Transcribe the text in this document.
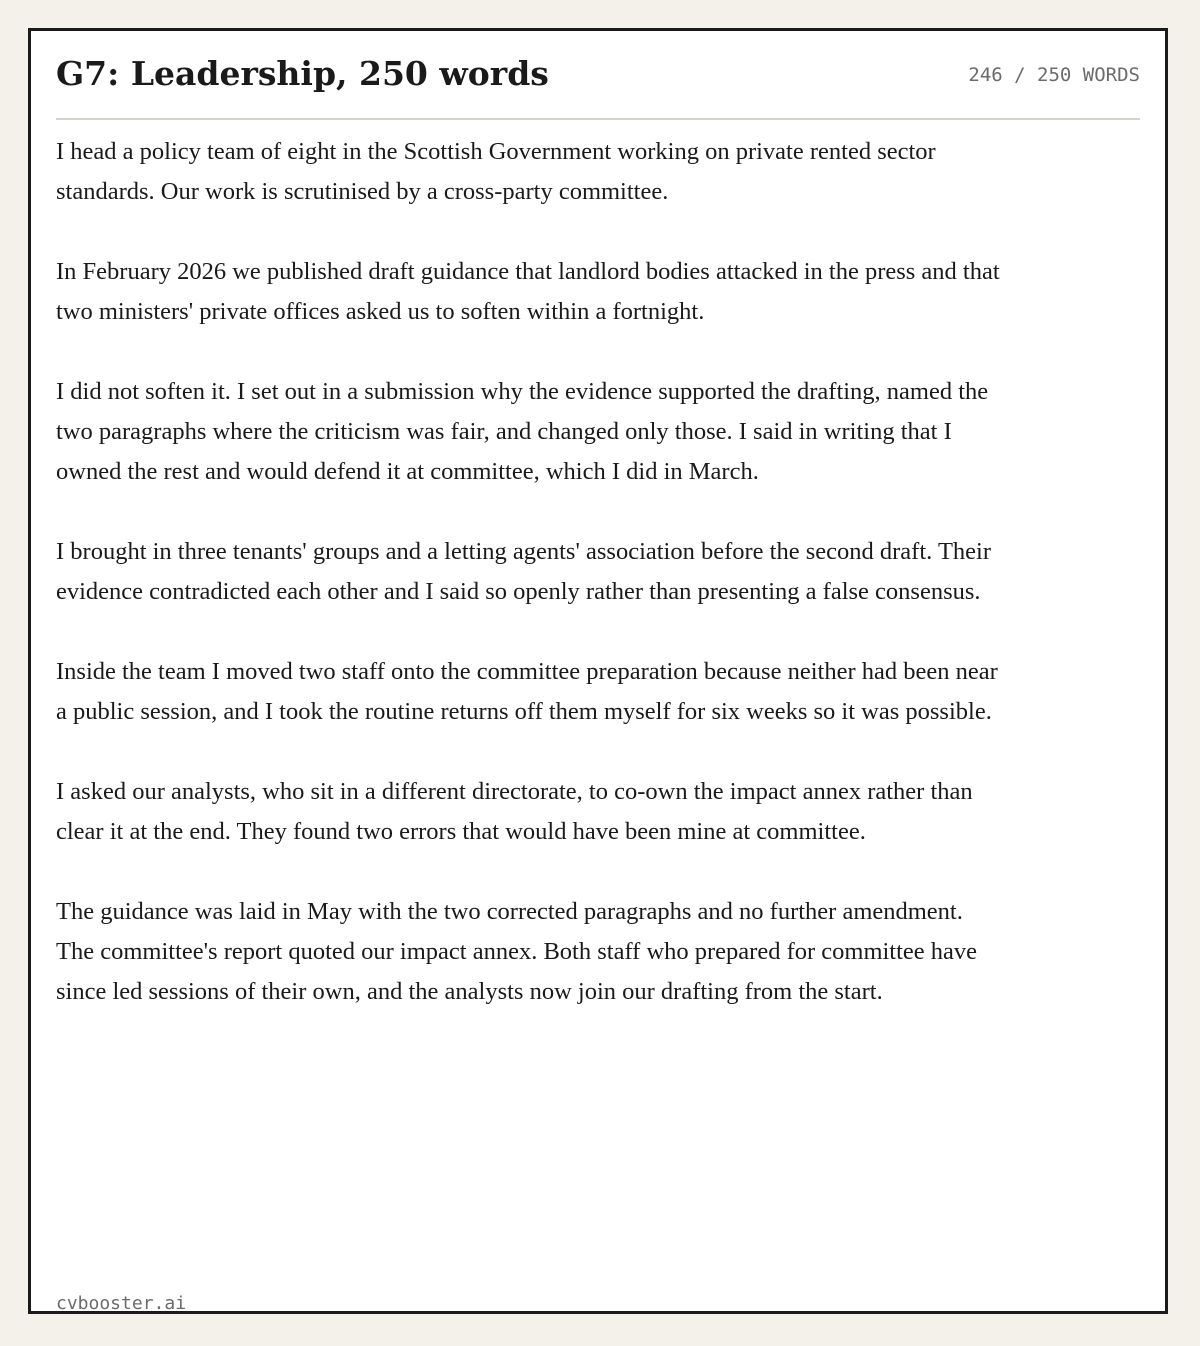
G7: Leadership, 250 words	246 / 250 WORDS

I head a policy team of eight in the Scottish Government working on private rented sector standards. Our work is scrutinised by a cross-party committee.

In February 2026 we published draft guidance that landlord bodies attacked in the press and that two ministers' private offices asked us to soften within a fortnight.

I did not soften it. I set out in a submission why the evidence supported the drafting, named the two paragraphs where the criticism was fair, and changed only those. I said in writing that I owned the rest and would defend it at committee, which I did in March.

I brought in three tenants' groups and a letting agents' association before the second draft. Their evidence contradicted each other and I said so openly rather than presenting a false consensus.

Inside the team I moved two staff onto the committee preparation because neither had been near a public session, and I took the routine returns off them myself for six weeks so it was possible.

I asked our analysts, who sit in a different directorate, to co-own the impact annex rather than clear it at the end. They found two errors that would have been mine at committee.

The guidance was laid in May with the two corrected paragraphs and no further amendment. The committee's report quoted our impact annex. Both staff who prepared for committee have since led sessions of their own, and the analysts now join our drafting from the start.

cvbooster.ai
